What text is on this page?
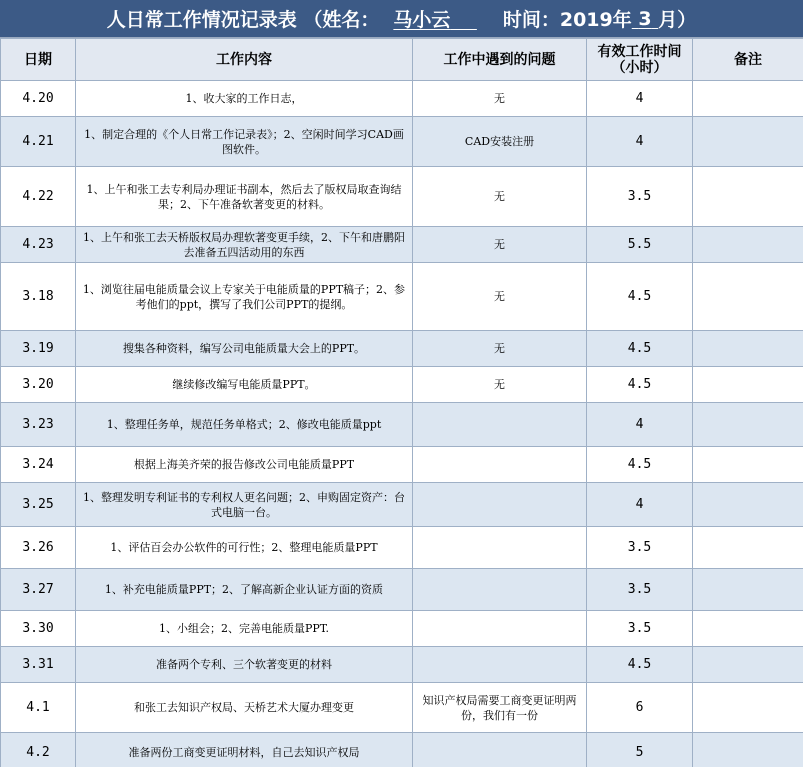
人日常工作情况记录表 （姓名： 马小云	时间：2019年 3 月）
日期	工作内容	工作中遇到的问题	有效工作时间（小时）	备注
4.20	1、收大家的工作日志，	无	4	
4.21	1、制定合理的《个人日常工作记录表》；2、空闲时间学习CAD画图软件。	CAD安装注册	4	
4.22	1、上午和张工去专利局办理证书副本，然后去了版权局取查询结果；2、下午准备软著变更的材料。	无	3.5	
4.23	1、上午和张工去天桥版权局办理软著变更手续，2、下午和唐鹏阳去准备五四活动用的东西	无	5.5	
3.18	1、浏览往届电能质量会议上专家关于电能质量的PPT稿子；2、参考他们的ppt，撰写了我们公司PPT的提纲。	无	4.5	
3.19	搜集各种资料，编写公司电能质量大会上的PPT。	无	4.5	
3.20	继续修改编写电能质量PPT。	无	4.5	
3.23	1、整理任务单，规范任务单格式；2、修改电能质量ppt		4	
3.24	根据上海美齐荣的报告修改公司电能质量PPT		4.5	
3.25	1、整理发明专利证书的专利权人更名问题；2、申购固定资产：台式电脑一台。		4	
3.26	1、评估百会办公软件的可行性；2、整理电能质量PPT		3.5	
3.27	1、补充电能质量PPT；2、了解高新企业认证方面的资质		3.5	
3.30	1、小组会；2、完善电能质量PPT.		3.5	
3.31	准备两个专利、三个软著变更的材料		4.5	
4.1	和张工去知识产权局、天桥艺术大厦办理变更	知识产权局需要工商变更证明两份，我们有一份	6	
4.2	准备两份工商变更证明材料，自己去知识产权局		5	
